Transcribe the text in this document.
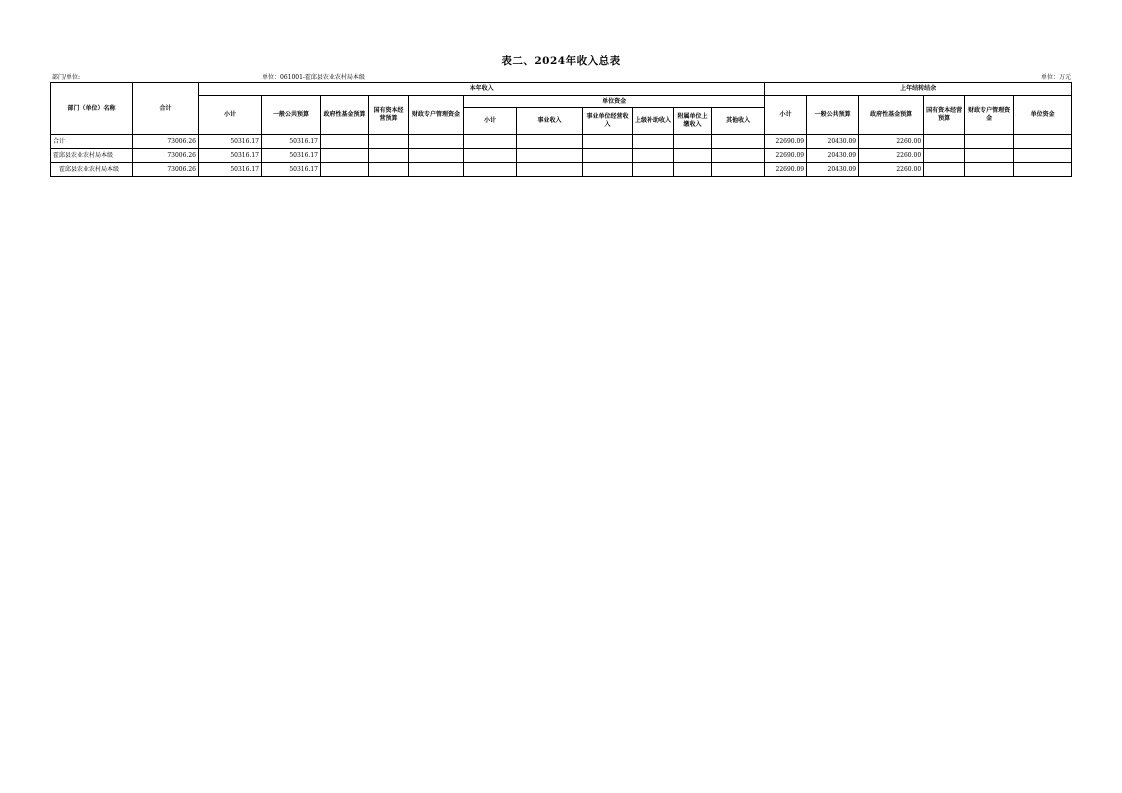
表二、2024年收入总表
部门/单位:	单位：061001-霍邱县农业农村局本级	单位：万元
部门（单位）名称	合计	本年收入											上年结转结余					
		小计	一般公共预算	政府性基金预算	国有资本经营预算	财政专户管理资金	单位资金						小计	一般公共预算	政府性基金预算	国有资本经营预算	财政专户管理资金	单位资金
							小计	事业收入	事业单位经营收入	上级补助收入	附属单位上缴收入	其他收入						
合计	73006.26	50316.17	50316.17										22690.09	20430.09	2260.00			
霍邱县农业农村局本级	73006.26	50316.17	50316.17										22690.09	20430.09	2260.00			
霍邱县农业农村局本级	73006.26	50316.17	50316.17										22690.09	20430.09	2260.00			
